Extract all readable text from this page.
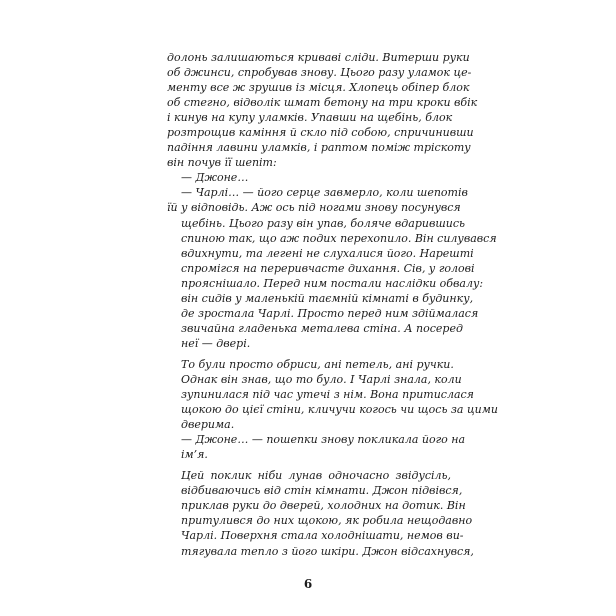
долонь залишаються криваві сліди. Витерши руки
об джинси, спробував знову. Цього разу уламок це-
менту все ж зрушив із місця. Хлопець обіпер блок
об стегно, відволік шмат бетону на три кроки вбік
і кинув на купу уламків. Упавши на щебінь, блок
розтрощив каміння й скло під собою, спричинивши
падіння лавини уламків, і раптом поміж тріскоту
він почув її шепіт:

— Джоне…

— Чарлі… — його серце завмерло, коли шепотів
їй у відповідь. Аж ось під ногами знову посунувся
щебінь. Цього разу він упав, боляче вдарившись
спиною так, що аж подих перехопило. Він силувався
вдихнути, та легені не слухалися його. Нарешті
спромігся на переривчасте дихання. Сів, у голові
прояснішало. Перед ним постали наслідки обвалу:
він сидів у маленькій таємній кімнаті в будинку,
де зростала Чарлі. Просто перед ним здіймалася
звичайна гладенька металева стіна. А посеред
неї — двері.

То були просто обриси, ані петель, ані ручки.
Однак він знав, що то було. І Чарлі знала, коли
зупинилася під час утечі з нім. Вона притислася
щокою до цієї стіни, кличучи когось чи щось за цими
дверима.

— Джоне… — пошепки знову покликала його на
ім’я.

Цей поклик ніби лунав одночасно звідусіль,
відбиваючись від стін кімнати. Джон підвівся,
приклав руки до дверей, холодних на дотик. Він
притулився до них щокою, як робила нещодавно
Чарлі. Поверхня стала холоднішати, немов ви-
тягувала тепло з його шкіри. Джон відсахнувся,

6
